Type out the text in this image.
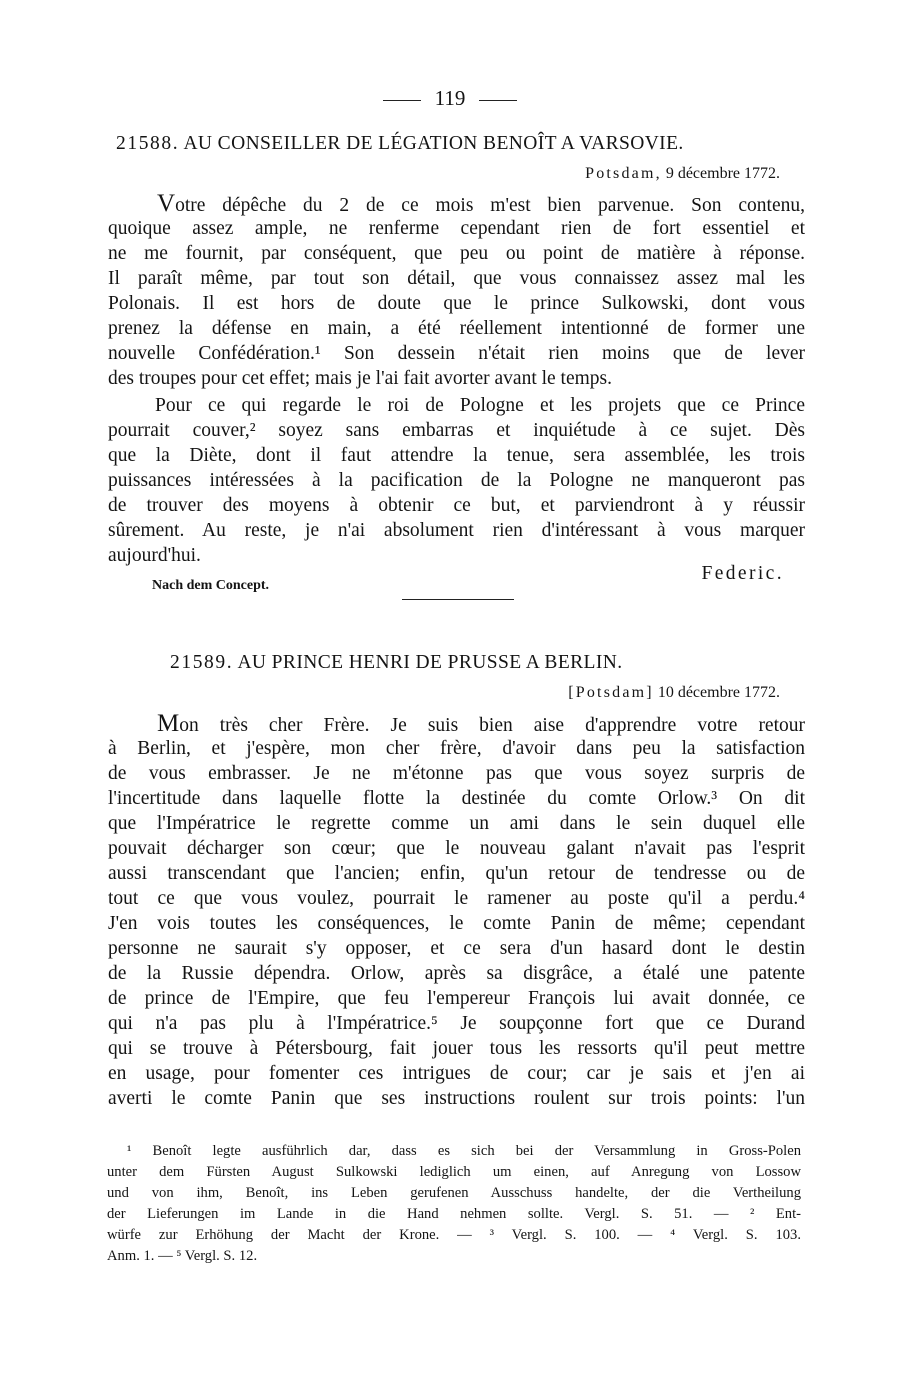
119
21588. AU CONSEILLER DE LÉGATION BENOÎT A VARSOVIE.
Potsdam, 9 décembre 1772.
Votre dépêche du 2 de ce mois m'est bien parvenue. Son contenu,
quoique assez ample, ne renferme cependant rien de fort essentiel et
ne me fournit, par conséquent, que peu ou point de matière à réponse.
Il paraît même, par tout son détail, que vous connaissez assez mal les
Polonais. Il est hors de doute que le prince Sulkowski, dont vous
prenez la défense en main, a été réellement intentionné de former une
nouvelle Confédération.¹ Son dessein n'était rien moins que de lever
des troupes pour cet effet; mais je l'ai fait avorter avant le temps.
Pour ce qui regarde le roi de Pologne et les projets que ce Prince
pourrait couver,² soyez sans embarras et inquiétude à ce sujet. Dès
que la Diète, dont il faut attendre la tenue, sera assemblée, les trois
puissances intéressées à la pacification de la Pologne ne manqueront pas
de trouver des moyens à obtenir ce but, et parviendront à y réussir
sûrement. Au reste, je n'ai absolument rien d'intéressant à vous marquer
aujourd'hui.
Federic.
Nach dem Concept.
21589. AU PRINCE HENRI DE PRUSSE A BERLIN.
[Potsdam] 10 décembre 1772.
Mon très cher Frère. Je suis bien aise d'apprendre votre retour
à Berlin, et j'espère, mon cher frère, d'avoir dans peu la satisfaction
de vous embrasser. Je ne m'étonne pas que vous soyez surpris de
l'incertitude dans laquelle flotte la destinée du comte Orlow.³ On dit
que l'Impératrice le regrette comme un ami dans le sein duquel elle
pouvait décharger son cœur; que le nouveau galant n'avait pas l'esprit
aussi transcendant que l'ancien; enfin, qu'un retour de tendresse ou de
tout ce que vous voulez, pourrait le ramener au poste qu'il a perdu.⁴
J'en vois toutes les conséquences, le comte Panin de même; cependant
personne ne saurait s'y opposer, et ce sera d'un hasard dont le destin
de la Russie dépendra. Orlow, après sa disgrâce, a étalé une patente
de prince de l'Empire, que feu l'empereur François lui avait donnée, ce
qui n'a pas plu à l'Impératrice.⁵ Je soupçonne fort que ce Durand
qui se trouve à Pétersbourg, fait jouer tous les ressorts qu'il peut mettre
en usage, pour fomenter ces intrigues de cour; car je sais et j'en ai
averti le comte Panin que ses instructions roulent sur trois points: l'un
¹ Benoît legte ausführlich dar, dass es sich bei der Versammlung in Gross-Polen
unter dem Fürsten August Sulkowski lediglich um einen, auf Anregung von Lossow
und von ihm, Benoît, ins Leben gerufenen Ausschuss handelte, der die Vertheilung
der Lieferungen im Lande in die Hand nehmen sollte. Vergl. S. 51. — ² Ent-
würfe zur Erhöhung der Macht der Krone. — ³ Vergl. S. 100. — ⁴ Vergl. S. 103.
Anm. 1. — ⁵ Vergl. S. 12.
